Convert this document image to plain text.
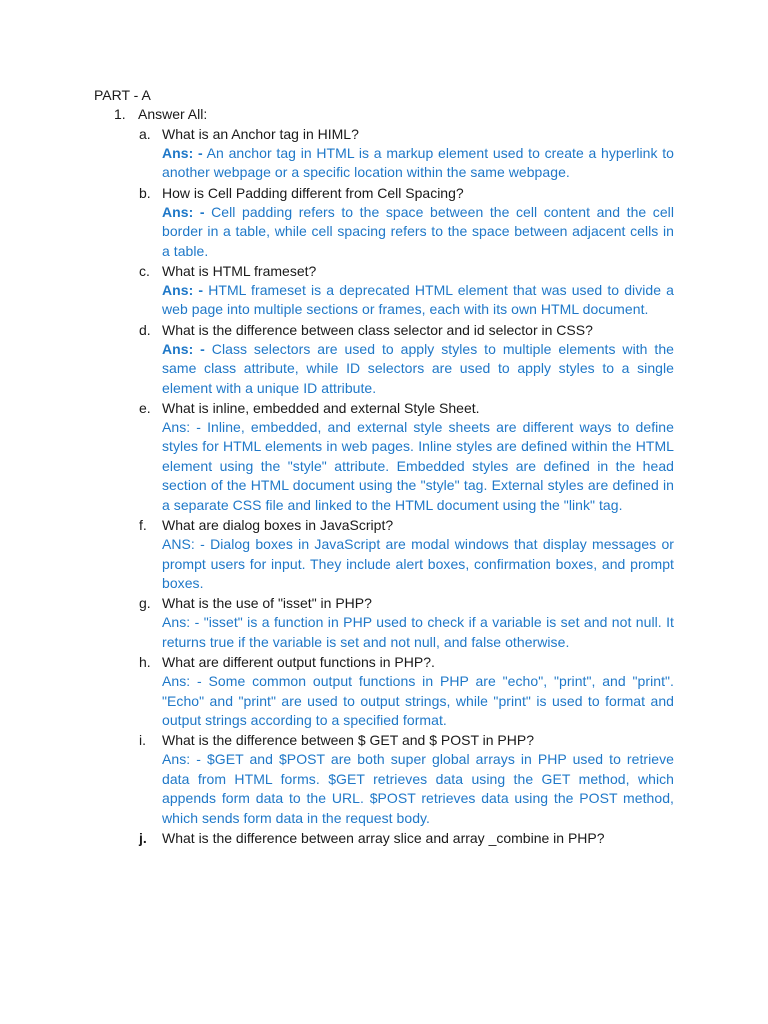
PART - A
1. Answer All:
a. What is an Anchor tag in HIML?
Ans: - An anchor tag in HTML is a markup element used to create a hyperlink to another webpage or a specific location within the same webpage.
b. How is Cell Padding different from Cell Spacing?
Ans: - Cell padding refers to the space between the cell content and the cell border in a table, while cell spacing refers to the space between adjacent cells in a table.
c. What is HTML frameset?
Ans: - HTML frameset is a deprecated HTML element that was used to divide a web page into multiple sections or frames, each with its own HTML document.
d. What is the difference between class selector and id selector in CSS?
Ans: - Class selectors are used to apply styles to multiple elements with the same class attribute, while ID selectors are used to apply styles to a single element with a unique ID attribute.
e. What is inline, embedded and external Style Sheet.
Ans: - Inline, embedded, and external style sheets are different ways to define styles for HTML elements in web pages. Inline styles are defined within the HTML element using the "style" attribute. Embedded styles are defined in the head section of the HTML document using the "style" tag. External styles are defined in a separate CSS file and linked to the HTML document using the "link" tag.
f. What are dialog boxes in JavaScript?
ANS: - Dialog boxes in JavaScript are modal windows that display messages or prompt users for input. They include alert boxes, confirmation boxes, and prompt boxes.
g. What is the use of "isset" in PHP?
Ans: - "isset" is a function in PHP used to check if a variable is set and not null. It returns true if the variable is set and not null, and false otherwise.
h. What are different output functions in PHP?.
Ans: - Some common output functions in PHP are "echo", "print", and "print". "Echo" and "print" are used to output strings, while "print" is used to format and output strings according to a specified format.
i. What is the difference between $ GET and $ POST in PHP?
Ans: - $GET and $POST are both super global arrays in PHP used to retrieve data from HTML forms. $GET retrieves data using the GET method, which appends form data to the URL. $POST retrieves data using the POST method, which sends form data in the request body.
j. What is the difference between array slice and array _combine in PHP?
